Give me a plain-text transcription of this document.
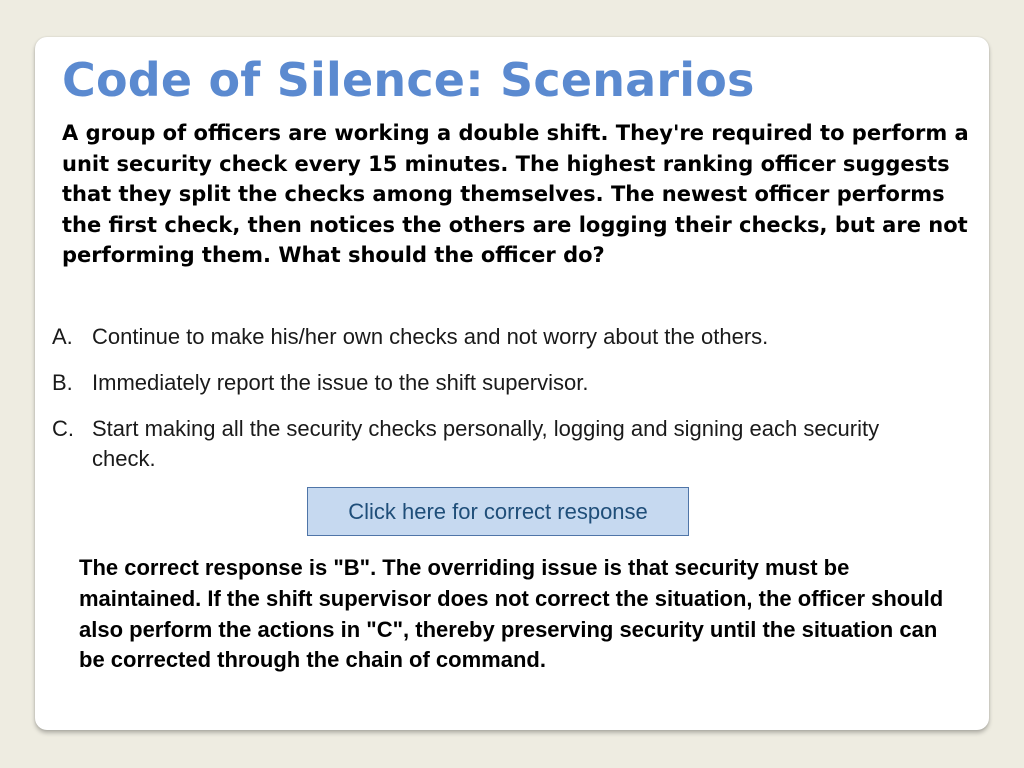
Code of Silence: Scenarios

A group of officers are working a double shift. They're required to perform a unit security check every 15 minutes. The highest ranking officer suggests that they split the checks among themselves. The newest officer performs the first check, then notices the others are logging their checks, but are not performing them. What should the officer do?

A. Continue to make his/her own checks and not worry about the others.
B. Immediately report the issue to the shift supervisor.
C. Start making all the security checks personally, logging and signing each security check.
Click here for correct response

The correct response is "B". The overriding issue is that security must be maintained. If the shift supervisor does not correct the situation, the officer should also perform the actions in "C", thereby preserving security until the situation can be corrected through the chain of command.
